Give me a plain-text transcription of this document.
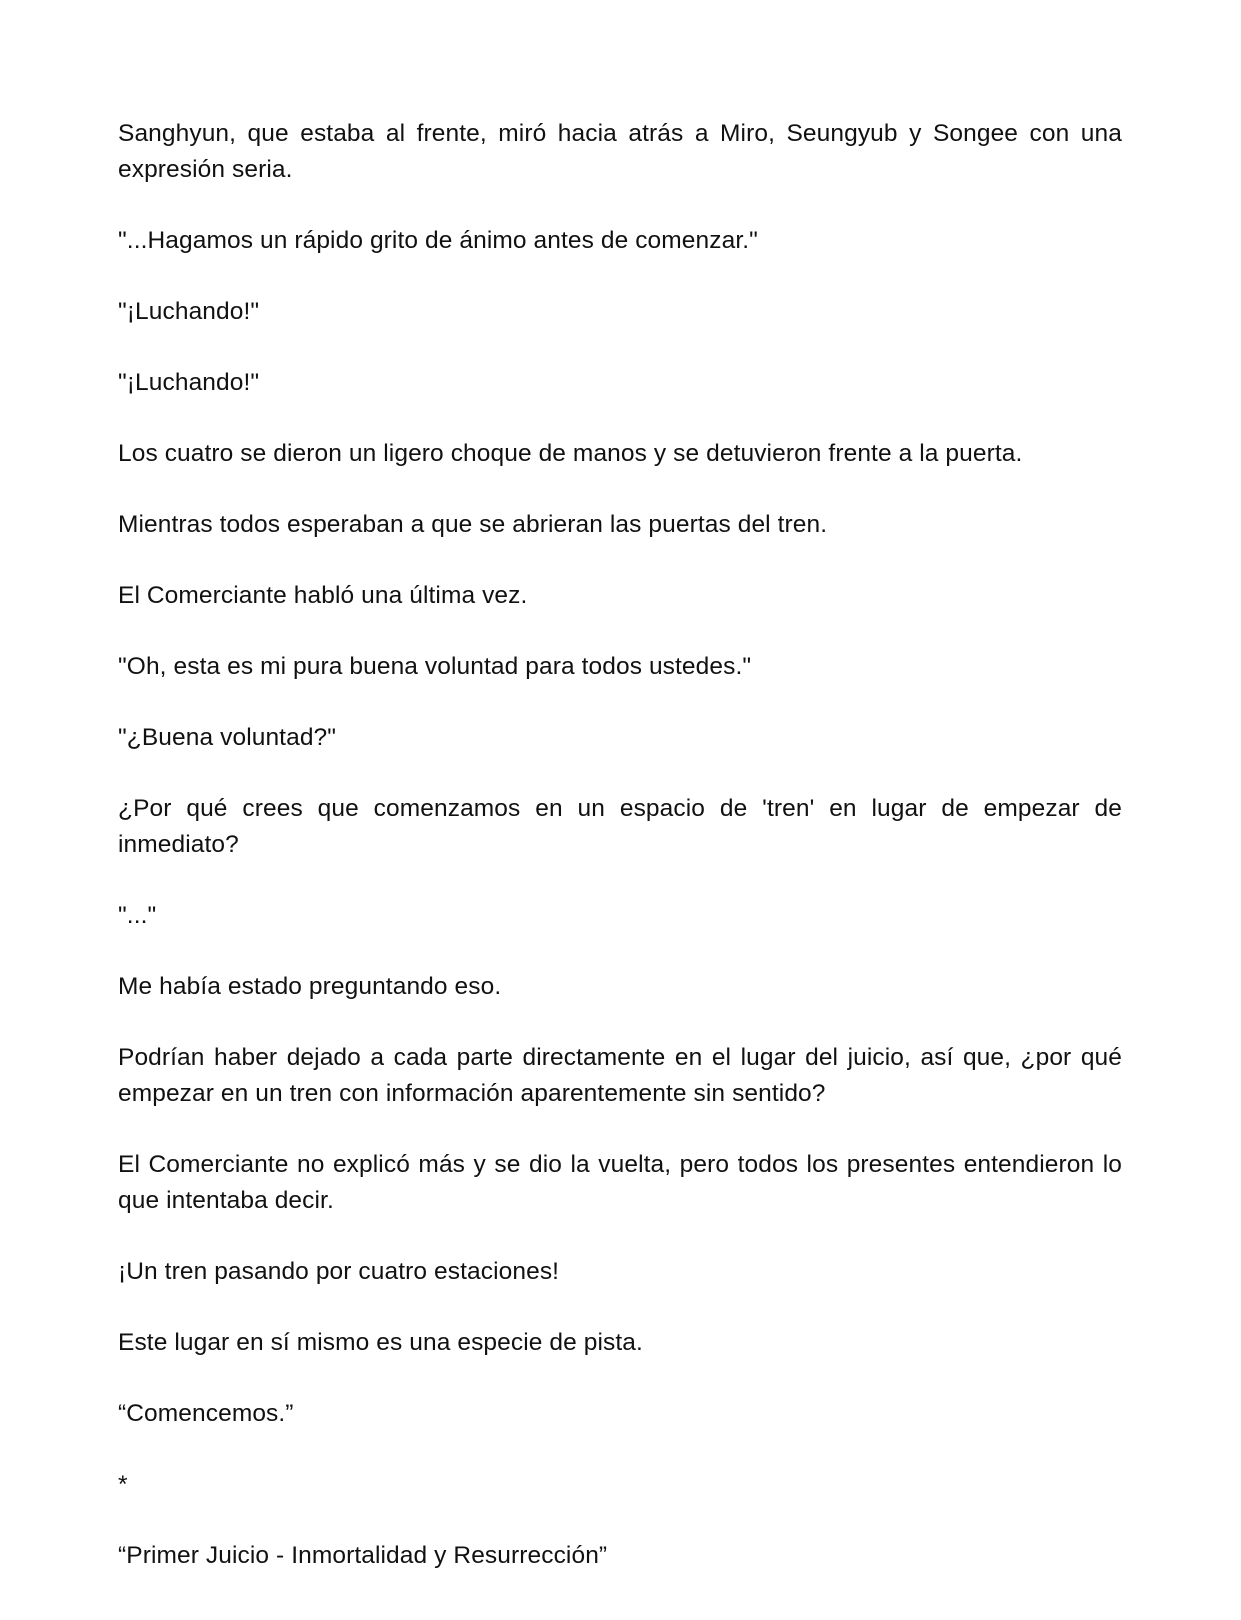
Sanghyun, que estaba al frente, miró hacia atrás a Miro, Seungyub y Songee con una expresión seria.

"...Hagamos un rápido grito de ánimo antes de comenzar."

"¡Luchando!"

"¡Luchando!"

Los cuatro se dieron un ligero choque de manos y se detuvieron frente a la puerta.

Mientras todos esperaban a que se abrieran las puertas del tren.

El Comerciante habló una última vez.

"Oh, esta es mi pura buena voluntad para todos ustedes."

"¿Buena voluntad?"

¿Por qué crees que comenzamos en un espacio de 'tren' en lugar de empezar de inmediato?

"..."

Me había estado preguntando eso.

Podrían haber dejado a cada parte directamente en el lugar del juicio, así que, ¿por qué empezar en un tren con información aparentemente sin sentido?

El Comerciante no explicó más y se dio la vuelta, pero todos los presentes entendieron lo que intentaba decir.

¡Un tren pasando por cuatro estaciones!

Este lugar en sí mismo es una especie de pista.

“Comencemos.”

*

“Primer Juicio - Inmortalidad y Resurrección”
